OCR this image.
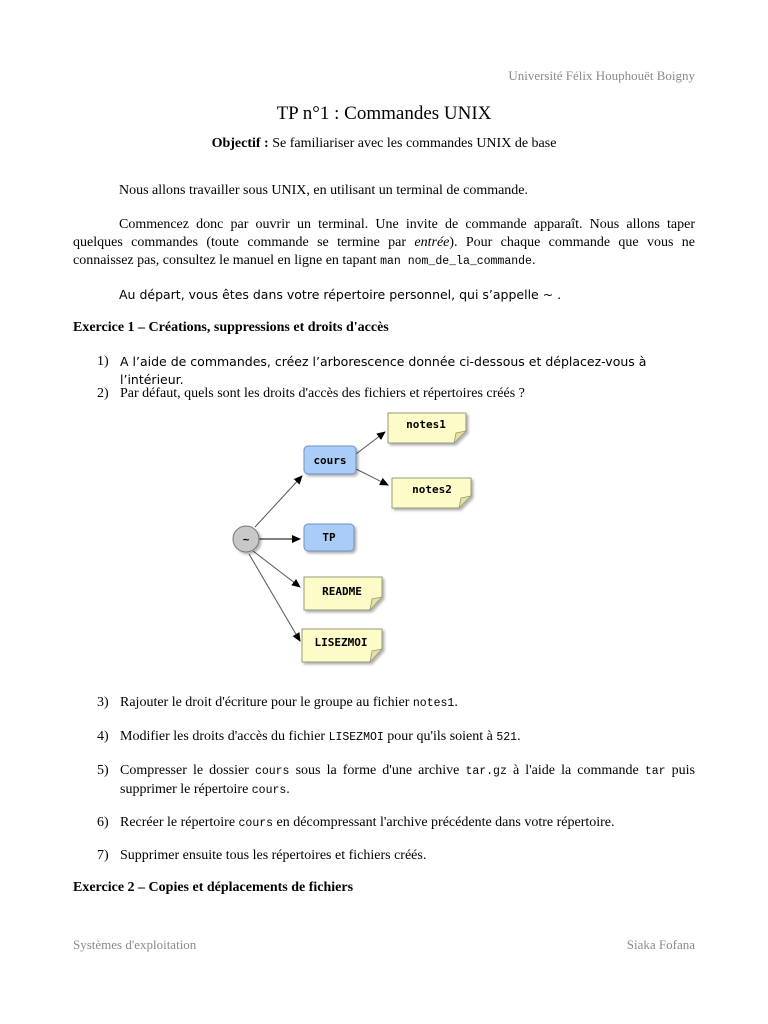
Université Félix Houphouët Boigny
TP n°1 : Commandes UNIX
Objectif : Se familiariser avec les commandes UNIX de base
Nous allons travailler sous UNIX, en utilisant un terminal de commande.
Commencez donc par ouvrir un terminal. Une invite de commande apparaît. Nous allons taper quelques commandes (toute commande se termine par entrée). Pour chaque commande que vous ne connaissez pas, consultez le manuel en ligne en tapant man nom_de_la_commande.
Au départ, vous êtes dans votre répertoire personnel, qui s’appelle ~ .
Exercice 1 – Créations, suppressions et droits d'accès
1) A l’aide de commandes, créez l’arborescence donnée ci-dessous et déplacez-vous à l’intérieur.
2) Par défaut, quels sont les droits d'accès des fichiers et répertoires créés ?
~
cours
TP
notes1
notes2
README
LISEZMOI
3) Rajouter le droit d'écriture pour le groupe au fichier notes1.
4) Modifier les droits d'accès du fichier LISEZMOI pour qu'ils soient à 521.
5) Compresser le dossier cours sous la forme d'une archive tar.gz à l'aide la commande tar puis supprimer le répertoire cours.
6) Recréer le répertoire cours en décompressant l'archive précédente dans votre répertoire.
7) Supprimer ensuite tous les répertoires et fichiers créés.
Exercice 2 – Copies et déplacements de fichiers
Systèmes d'exploitation	Siaka Fofana
